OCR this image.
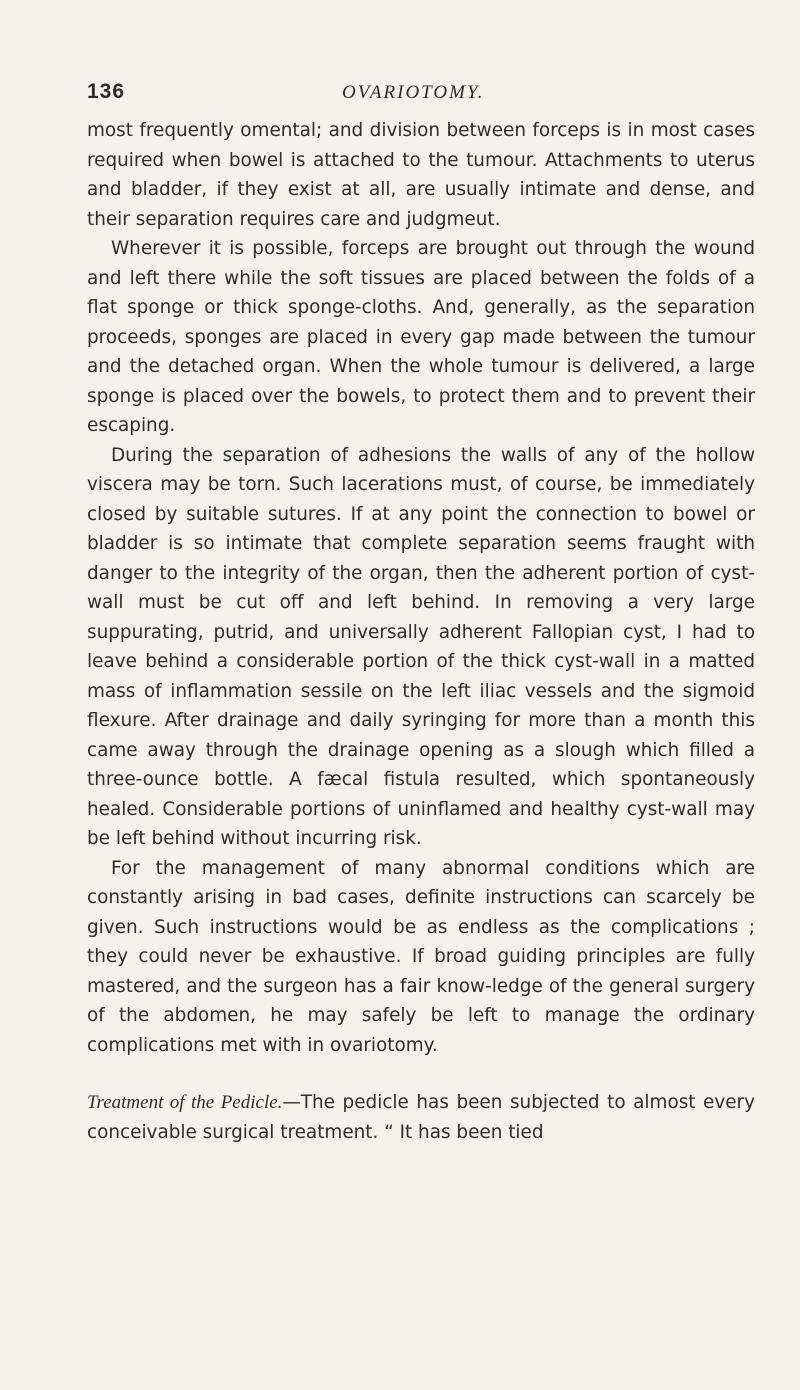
136	OVARIOTOMY.

most frequently omental; and division between forceps is in most cases required when bowel is attached to the tumour. Attachments to uterus and bladder, if they exist at all, are usually intimate and dense, and their separation requires care and judgmeut.

Wherever it is possible, forceps are brought out through the wound and left there while the soft tissues are placed between the folds of a flat sponge or thick sponge-cloths. And, generally, as the separation proceeds, sponges are placed in every gap made between the tumour and the detached organ. When the whole tumour is delivered, a large sponge is placed over the bowels, to protect them and to prevent their escaping.

During the separation of adhesions the walls of any of the hollow viscera may be torn. Such lacerations must, of course, be immediately closed by suitable sutures. If at any point the connection to bowel or bladder is so intimate that complete separation seems fraught with danger to the integrity of the organ, then the adherent portion of cyst-wall must be cut off and left behind. In removing a very large suppurating, putrid, and universally adherent Fallopian cyst, I had to leave behind a considerable portion of the thick cyst-wall in a matted mass of inflammation sessile on the left iliac vessels and the sigmoid flexure. After drainage and daily syringing for more than a month this came away through the drainage opening as a slough which filled a three-ounce bottle. A fæcal fistula resulted, which spontaneously healed. Considerable portions of uninflamed and healthy cyst-wall may be left behind without incurring risk.

For the management of many abnormal conditions which are constantly arising in bad cases, definite instructions can scarcely be given. Such instructions would be as endless as the complications ; they could never be exhaustive. If broad guiding principles are fully mastered, and the surgeon has a fair know-ledge of the general surgery of the abdomen, he may safely be left to manage the ordinary complications met with in ovariotomy.

Treatment of the Pedicle.—The pedicle has been subjected to almost every conceivable surgical treatment. “ It has been tied
